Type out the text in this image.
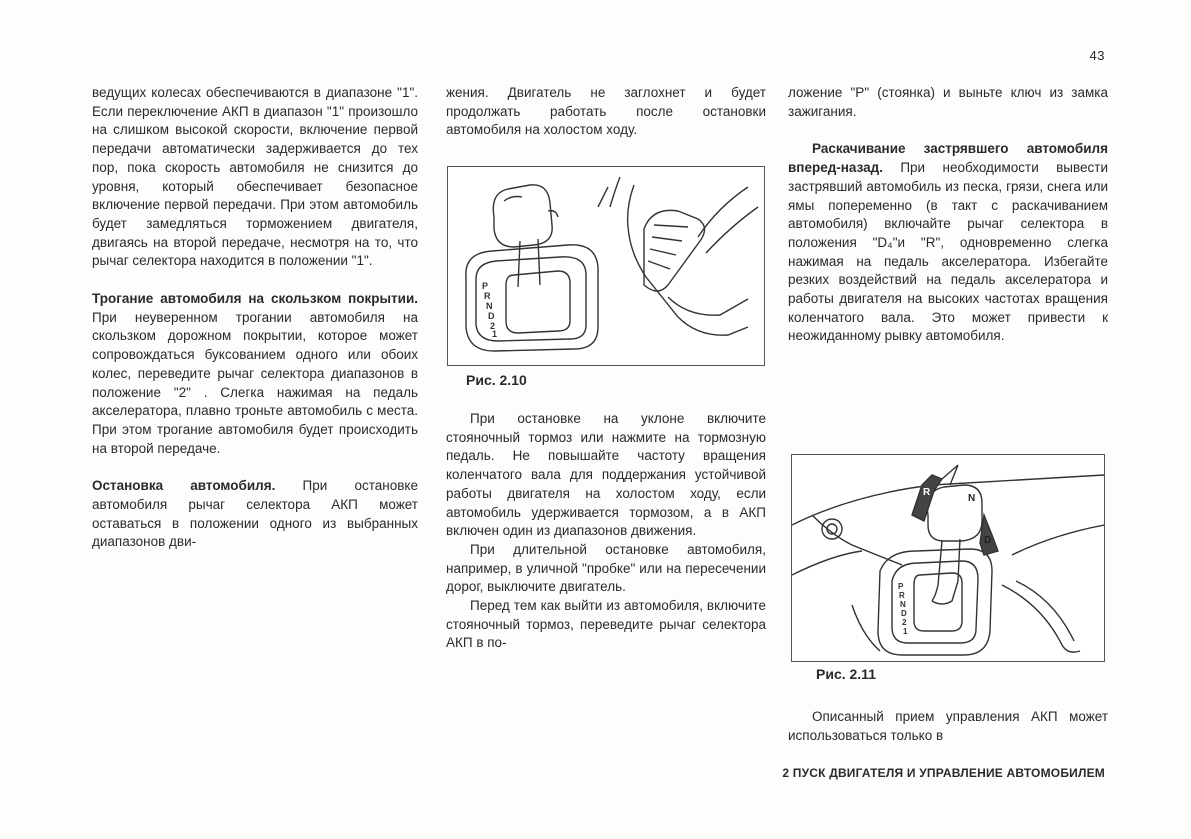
43

ведущих колесах обеспечиваются в диапазоне "1". Если переключение АКП в диапазон "1" произошло на слишком высокой скорости, включение первой передачи автоматически задерживается до тех пор, пока скорость автомобиля не снизится до уровня, который обеспечивает безопасное включение первой передачи. При этом автомобиль будет замедляться торможением двигателя, двигаясь на второй передаче, несмотря на то, что рычаг селектора находится в положении "1".

Трогание автомобиля на скользком покрытии. При неуверенном трогании автомобиля на скользком дорожном покрытии, которое может сопровождаться буксованием одного или обоих колес, переведите рычаг селектора диапазонов в положение "2" . Слегка нажимая на педаль акселератора, плавно троньте автомобиль с места. При этом трогание автомобиля будет происходить на второй передаче.

Остановка автомобиля. При остановке автомобиля рычаг селектора АКП может оставаться в положении одного из выбранных диапазонов дви-

жения. Двигатель не заглохнет и будет продолжать работать после остановки автомобиля на холостом ходу.

P
R
N
D
2
1
Рис. 2.10

При остановке на уклоне включите стояночный тормоз или нажмите на тормозную педаль. Не повышайте частоту вращения коленчатого вала для поддержания устойчивой работы двигателя на холостом ходу, если автомобиль удерживается тормозом, а в АКП включен один из диапазонов движения.

При длительной остановке автомобиля, например, в уличной "пробке" или на пересечении дорог, выключите двигатель.

Перед тем как выйти из автомобиля, включите стояночный тормоз, переведите рычаг селектора АКП в по-

ложение "P" (стоянка) и выньте ключ из замка зажигания.

Раскачивание застрявшего автомобиля вперед-назад. При необходимости вывести застрявший автомобиль из песка, грязи, снега или ямы попеременно (в такт с раскачиванием автомобиля) включайте рычаг селектора в положения "D₄"и "R", одновременно слегка нажимая на педаль акселератора. Избегайте резких воздействий на педаль акселератора и работы двигателя на высоких частотах вращения коленчатого вала. Это может привести к неожиданному рывку автомобиля.

R
N
D
P
R
N
D
2
1
Рис. 2.11

Описанный прием управления АКП может использоваться только в

2 ПУСК ДВИГАТЕЛЯ И УПРАВЛЕНИЕ АВТОМОБИЛЕМ
